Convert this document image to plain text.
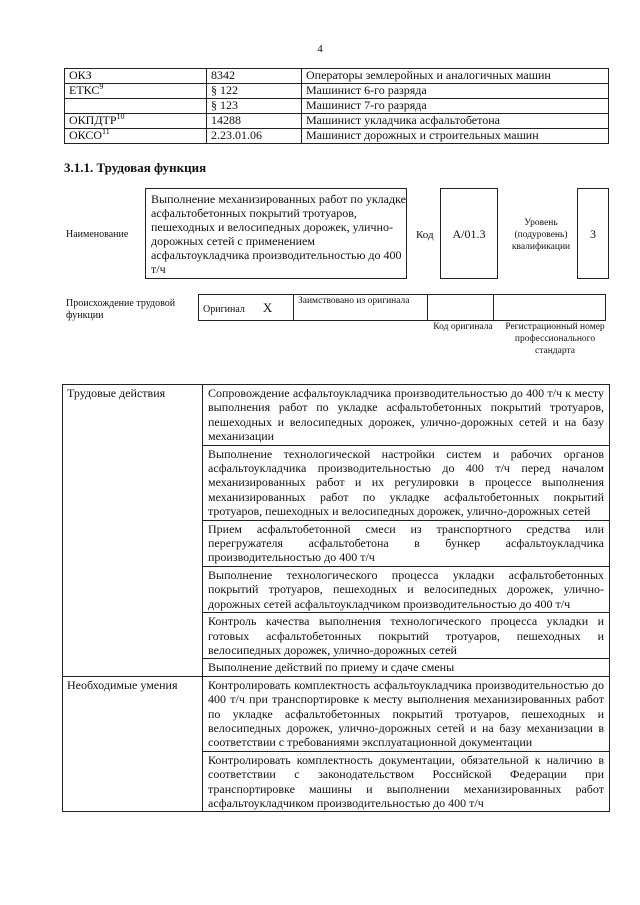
4
ОКЗ	8342	Операторы землеройных и аналогичных машин
ЕТКС$^9$	§ 122	Машинист 6-го разряда
	§ 123	Машинист 7-го разряда
ОКПДТР$^{10}$	14288	Машинист укладчика асфальтобетона
ОКСО$^{11}$	2.23.01.06	Машинист дорожных и строительных машин
3.1.1. Трудовая функция
Наименование
Выполнение механизированных работ по укладке асфальтобетонных покрытий тротуаров, пешеходных и велосипедных дорожек, улично-дорожных сетей с применением асфальтоукладчика производительностью до 400 т/ч
Код	A/01.3
Уровень (подуровень) квалификации
3
Происхождение трудовой функции
Оригинал X	Заимствовано из оригинала		
Код оригинала	Регистрационный номер профессионального стандарта
Трудовые действия	Сопровождение асфальтоукладчика производительностью до 400 т/ч к месту выполнения работ по укладке асфальтобетонных покрытий тротуаров, пешеходных и велосипедных дорожек, улично-дорожных сетей и на базу механизации
	Выполнение технологической настройки систем и рабочих органов асфальтоукладчика производительностью до 400 т/ч перед началом механизированных работ и их регулировки в процессе выполнения механизированных работ по укладке асфальтобетонных покрытий тротуаров, пешеходных и велосипедных дорожек, улично-дорожных сетей
	Прием асфальтобетонной смеси из транспортного средства или перегружателя асфальтобетона в бункер асфальтоукладчика производительностью до 400 т/ч
	Выполнение технологического процесса укладки асфальтобетонных покрытий тротуаров, пешеходных и велосипедных дорожек, улично-дорожных сетей асфальтоукладчиком производительностью до 400 т/ч
	Контроль качества выполнения технологического процесса укладки и готовых асфальтобетонных покрытий тротуаров, пешеходных и велосипедных дорожек, улично-дорожных сетей
	Выполнение действий по приему и сдаче смены
Необходимые умения	Контролировать комплектность асфальтоукладчика производительностью до 400 т/ч при транспортировке к месту выполнения механизированных работ по укладке асфальтобетонных покрытий тротуаров, пешеходных и велосипедных дорожек, улично-дорожных сетей и на базу механизации в соответствии с требованиями эксплуатационной документации
	Контролировать комплектность документации, обязательной к наличию в соответствии с законодательством Российской Федерации при транспортировке машины и выполнении механизированных работ асфальтоукладчиком производительностью до 400 т/ч
